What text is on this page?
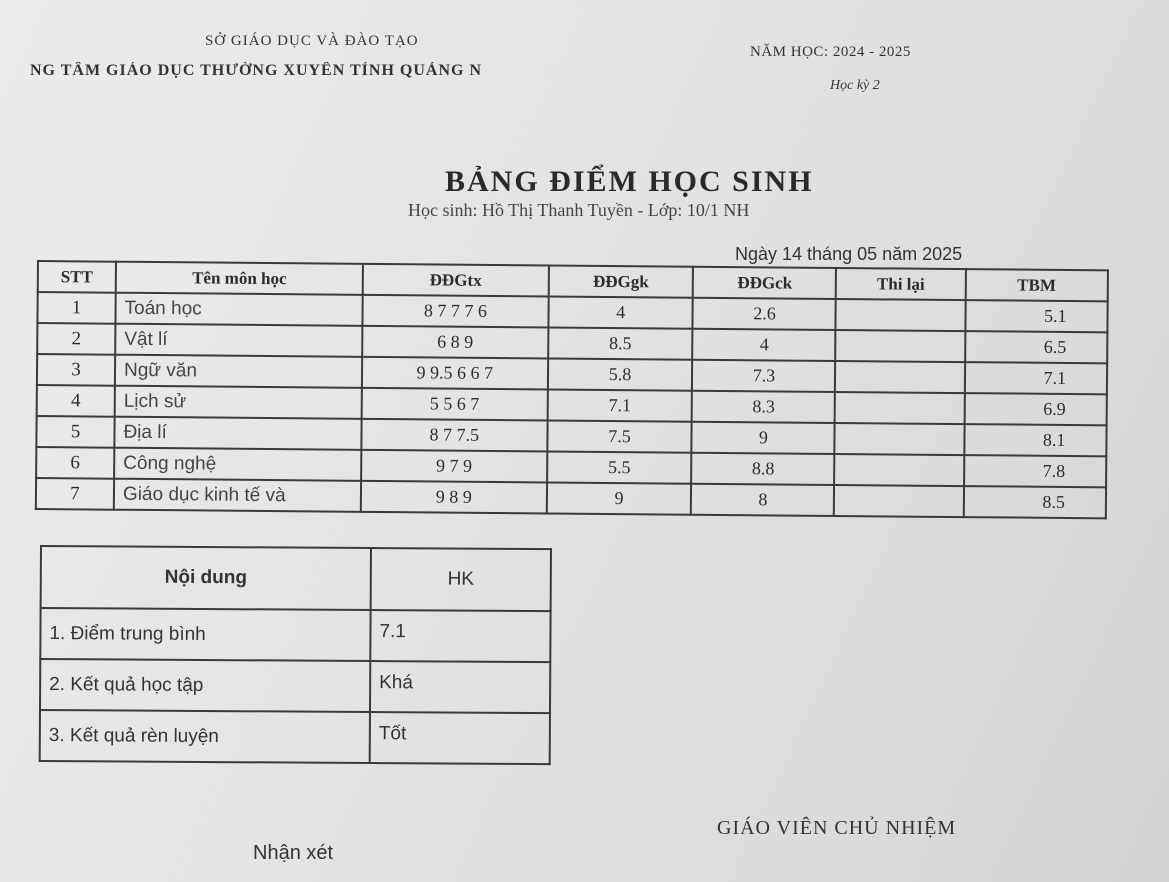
SỞ GIÁO DỤC VÀ ĐÀO TẠO
NG TÂM GIÁO DỤC THƯỜNG XUYÊN TỈNH QUẢNG N
NĂM HỌC: 2024 - 2025
Học kỳ 2
BẢNG ĐIỂM HỌC SINH
Học sinh: Hồ Thị Thanh Tuyền - Lớp: 10/1 NH
Ngày 14 tháng 05 năm 2025
STT	Tên môn học	ĐĐGtx	ĐĐGgk	ĐĐGck	Thi lại	TBM
1	Toán học	8 7 7 7 6	4	2.6		5.1
2	Vật lí	6 8 9	8.5	4		6.5
3	Ngữ văn	9 9.5 6 6 7	5.8	7.3		7.1
4	Lịch sử	5 5 6 7	7.1	8.3		6.9
5	Địa lí	8 7 7.5	7.5	9		8.1
6	Công nghệ	9 7 9	5.5	8.8		7.8
7	Giáo dục kinh tế và	9 8 9	9	8		8.5
Nội dung	HK
1. Điểm trung bình	7.1
2. Kết quả học tập	Khá
3. Kết quả rèn luyện	Tốt
GIÁO VIÊN CHỦ NHIỆM
Nhận xét
